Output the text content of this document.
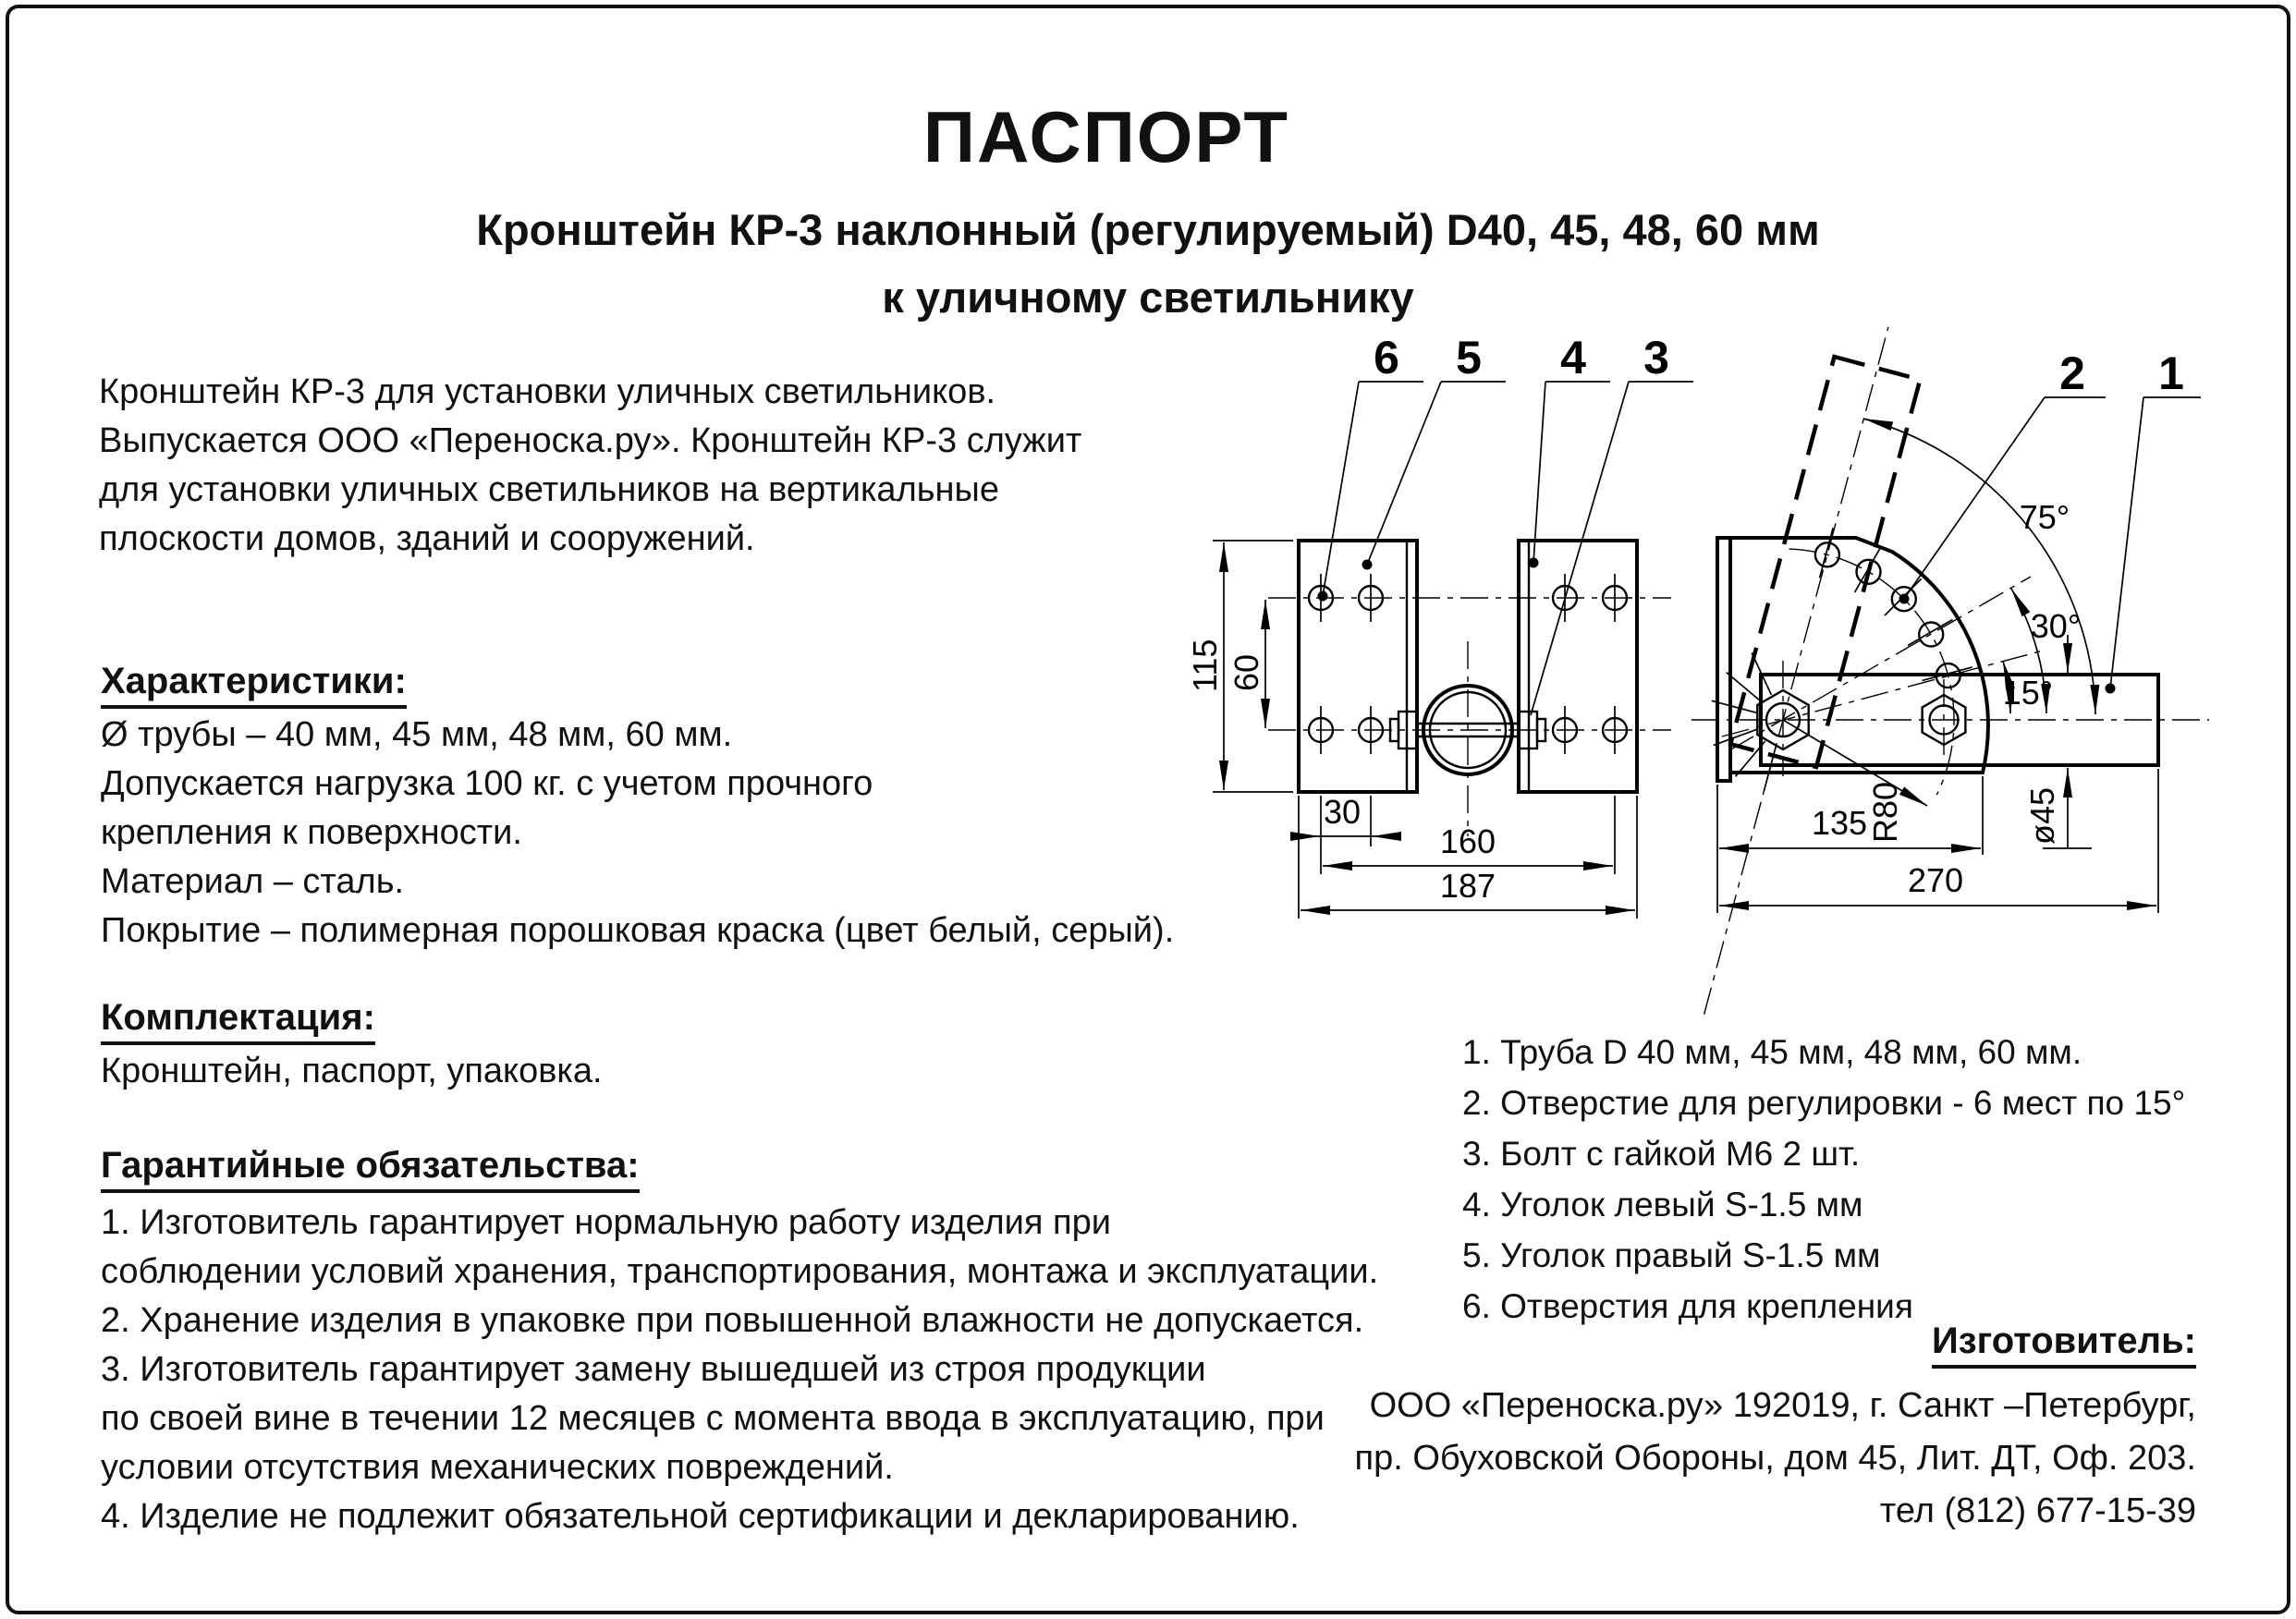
ПАСПОРТ
Кронштейн КР-3 наклонный (регулируемый) D40, 45, 48, 60 мм
к уличному светильнику
Кронштейн КР-3 для установки уличных светильников.
Выпускается ООО «Переноска.ру». Кронштейн КР-3 служит
для установки уличных светильников на вертикальные
плоскости домов, зданий и сооружений.
Характеристики:
Ø трубы – 40 мм, 45 мм, 48 мм, 60 мм.
Допускается нагрузка 100 кг. с учетом прочного
крепления к поверхности.
Материал – сталь.
Покрытие – полимерная порошковая краска (цвет белый, серый).
Комплектация:
Кронштейн, паспорт, упаковка.
Гарантийные обязательства:
1. Изготовитель гарантирует нормальную работу изделия при
соблюдении условий хранения, транспортирования, монтажа и эксплуатации.
2. Хранение изделия в упаковке при повышенной влажности не допускается.
3. Изготовитель гарантирует замену вышедшей из строя продукции
по своей вине в течении 12 месяцев с момента ввода в эксплуатацию, при
условии отсутствия механических повреждений.
4. Изделие не подлежит обязательной сертификации и декларированию.
1. Труба D 40 мм, 45 мм, 48 мм, 60 мм.
2. Отверстие для регулировки - 6 мест по 15°
3. Болт с гайкой М6 2 шт.
4. Уголок левый S-1.5 мм
5. Уголок правый S-1.5 мм
6. Отверстия для крепления
Изготовитель:
ООО «Переноска.ру» 192019, г. Санкт –Петербург,
пр. Обуховской Обороны, дом 45, Лит. ДТ, Оф. 203.
тел (812) 677-15-39
115 60
30
160
187
75°
30°
15°
R80	ø45
135
270
6 5 4 3	2 1
